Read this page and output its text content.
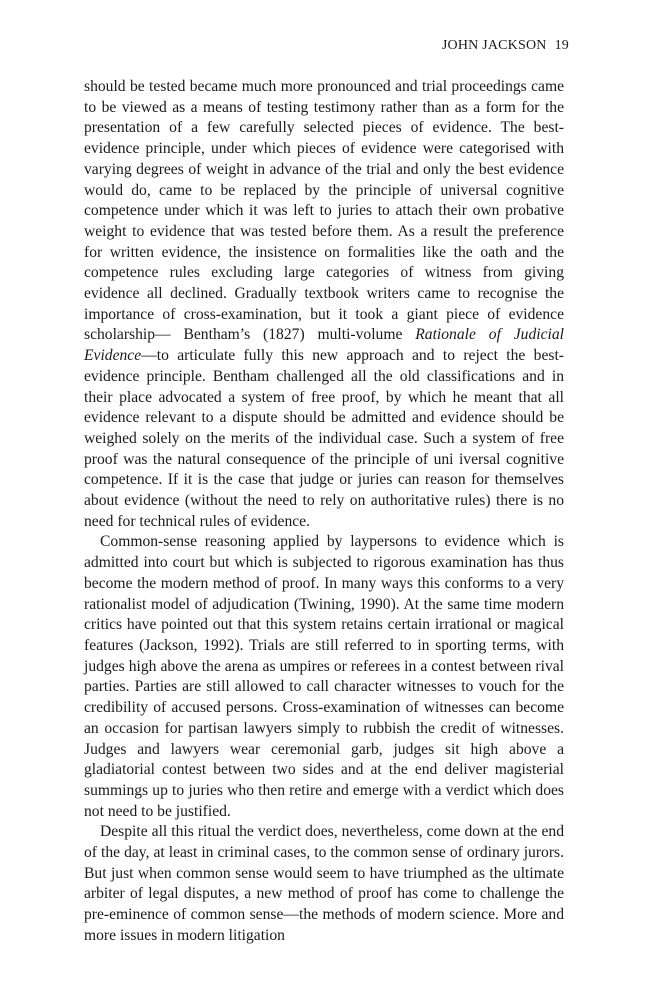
JOHN JACKSON 19

should be tested became much more pronounced and trial proceedings came to be viewed as a means of testing testimony rather than as a form for the presentation of a few carefully selected pieces of evidence. The best-evidence principle, under which pieces of evidence were categorised with varying degrees of weight in advance of the trial and only the best evidence would do, came to be replaced by the principle of universal cognitive competence under which it was left to juries to attach their own probative weight to evidence that was tested before them. As a result the preference for written evidence, the insistence on formalities like the oath and the competence rules excluding large categories of witness from giving evidence all declined. Gradually textbook writers came to recognise the importance of cross-examination, but it took a giant piece of evidence scholarship— Bentham’s (1827) multi-volume Rationale of Judicial Evidence—to articulate fully this new approach and to reject the best-evidence principle. Bentham challenged all the old classifications and in their place advocated a system of free proof, by which he meant that all evidence relevant to a dispute should be admitted and evidence should be weighed solely on the merits of the individual case. Such a system of free proof was the natural consequence of the principle of uni iversal cognitive competence. If it is the case that judge or juries can reason for themselves about evidence (without the need to rely on authoritative rules) there is no need for technical rules of evidence.

Common-sense reasoning applied by laypersons to evidence which is admitted into court but which is subjected to rigorous examination has thus become the modern method of proof. In many ways this conforms to a very rationalist model of adjudication (Twining, 1990). At the same time modern critics have pointed out that this system retains certain irrational or magical features (Jackson, 1992). Trials are still referred to in sporting terms, with judges high above the arena as umpires or referees in a contest between rival parties. Parties are still allowed to call character witnesses to vouch for the credibility of accused persons. Cross-examination of witnesses can become an occasion for partisan lawyers simply to rubbish the credit of witnesses. Judges and lawyers wear ceremonial garb, judges sit high above a gladiatorial contest between two sides and at the end deliver magisterial summings up to juries who then retire and emerge with a verdict which does not need to be justified.

Despite all this ritual the verdict does, nevertheless, come down at the end of the day, at least in criminal cases, to the common sense of ordinary jurors. But just when common sense would seem to have triumphed as the ultimate arbiter of legal disputes, a new method of proof has come to challenge the pre-eminence of common sense—the methods of modern science. More and more issues in modern litigation
